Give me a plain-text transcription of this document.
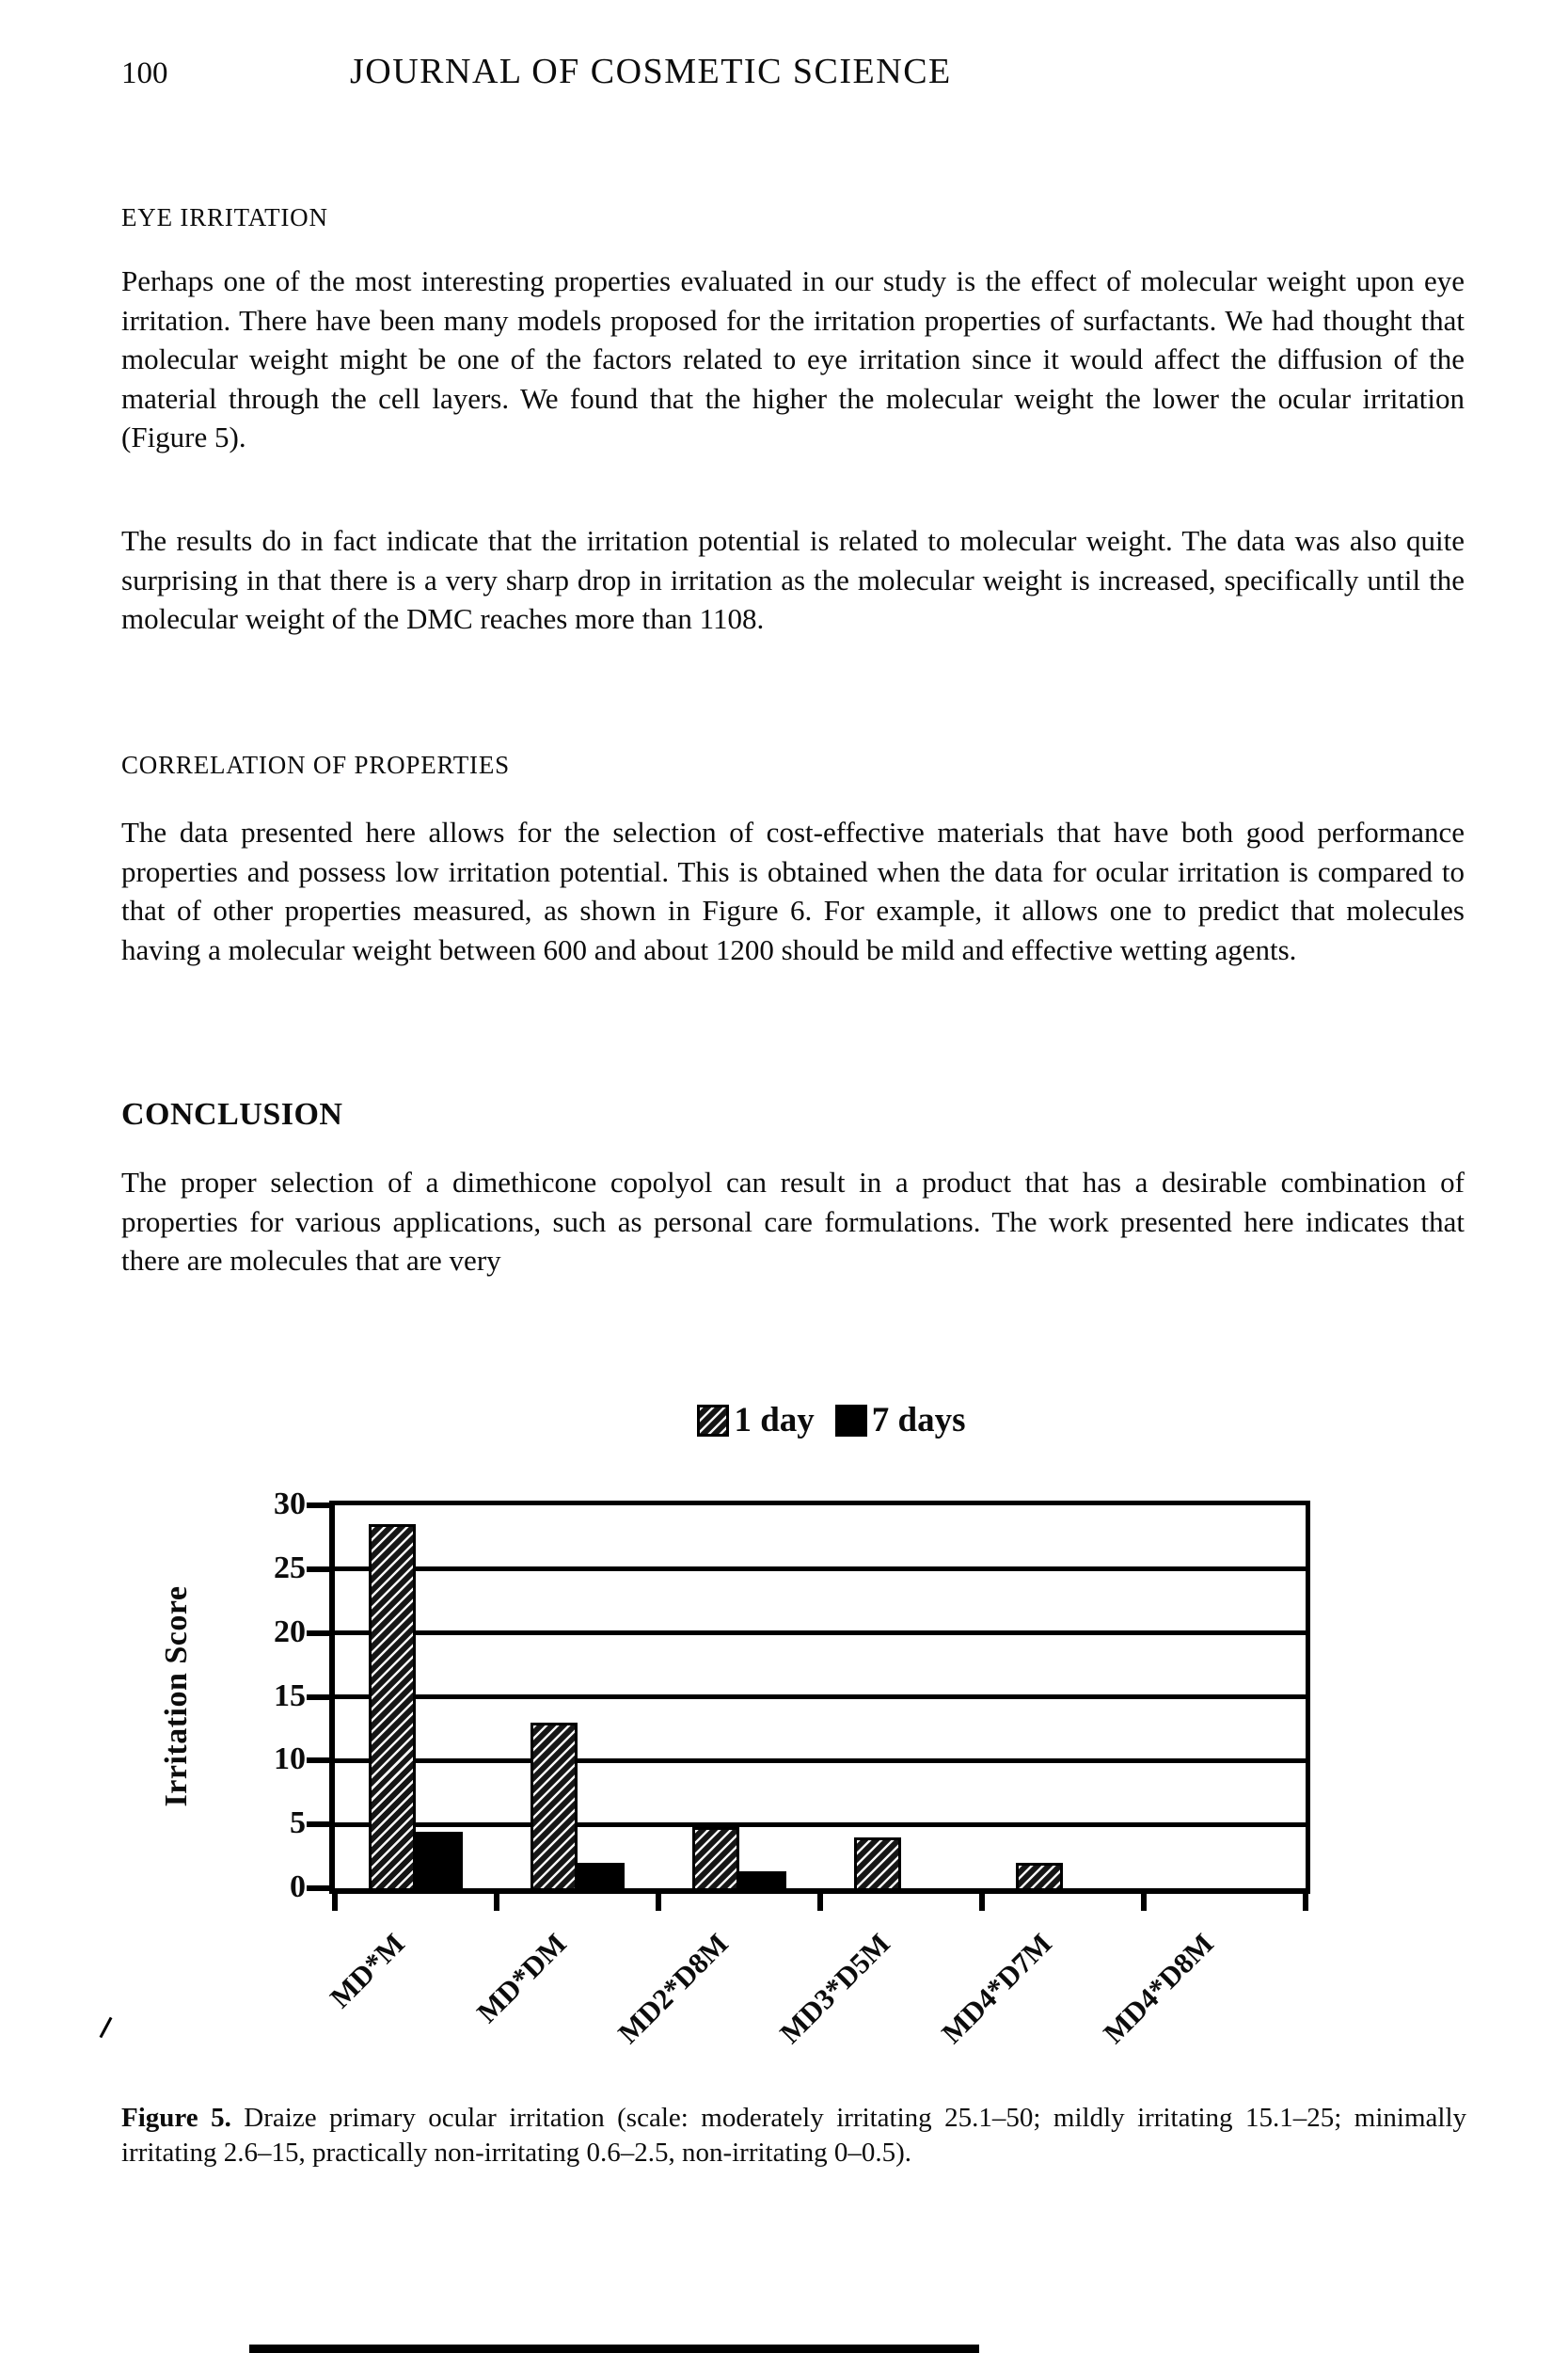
100	JOURNAL OF COSMETIC SCIENCE
EYE IRRITATION
Perhaps one of the most interesting properties evaluated in our study is the effect of molecular weight upon eye irritation. There have been many models proposed for the irritation properties of surfactants. We had thought that molecular weight might be one of the factors related to eye irritation since it would affect the diffusion of the material through the cell layers. We found that the higher the molecular weight the lower the ocular irritation (Figure 5).
The results do in fact indicate that the irritation potential is related to molecular weight. The data was also quite surprising in that there is a very sharp drop in irritation as the molecular weight is increased, specifically until the molecular weight of the DMC reaches more than 1108.
CORRELATION OF PROPERTIES
The data presented here allows for the selection of cost-effective materials that have both good performance properties and possess low irritation potential. This is obtained when the data for ocular irritation is compared to that of other properties measured, as shown in Figure 6. For example, it allows one to predict that molecules having a molecular weight between 600 and about 1200 should be mild and effective wetting agents.
CONCLUSION
The proper selection of a dimethicone copolyol can result in a product that has a desirable combination of properties for various applications, such as personal care formulations. The work presented here indicates that there are molecules that are very
1 day 7 days
Irritation Score
0
5
10
15
20
25
30
MD*M	MD*DM	MD2*D8M	MD3*D5M	MD4*D7M	MD4*D8M
Figure 5. Draize primary ocular irritation (scale: moderately irritating 25.1–50; mildly irritating 15.1–25; minimally irritating 2.6–15, practically non-irritating 0.6–2.5, non-irritating 0–0.5).
